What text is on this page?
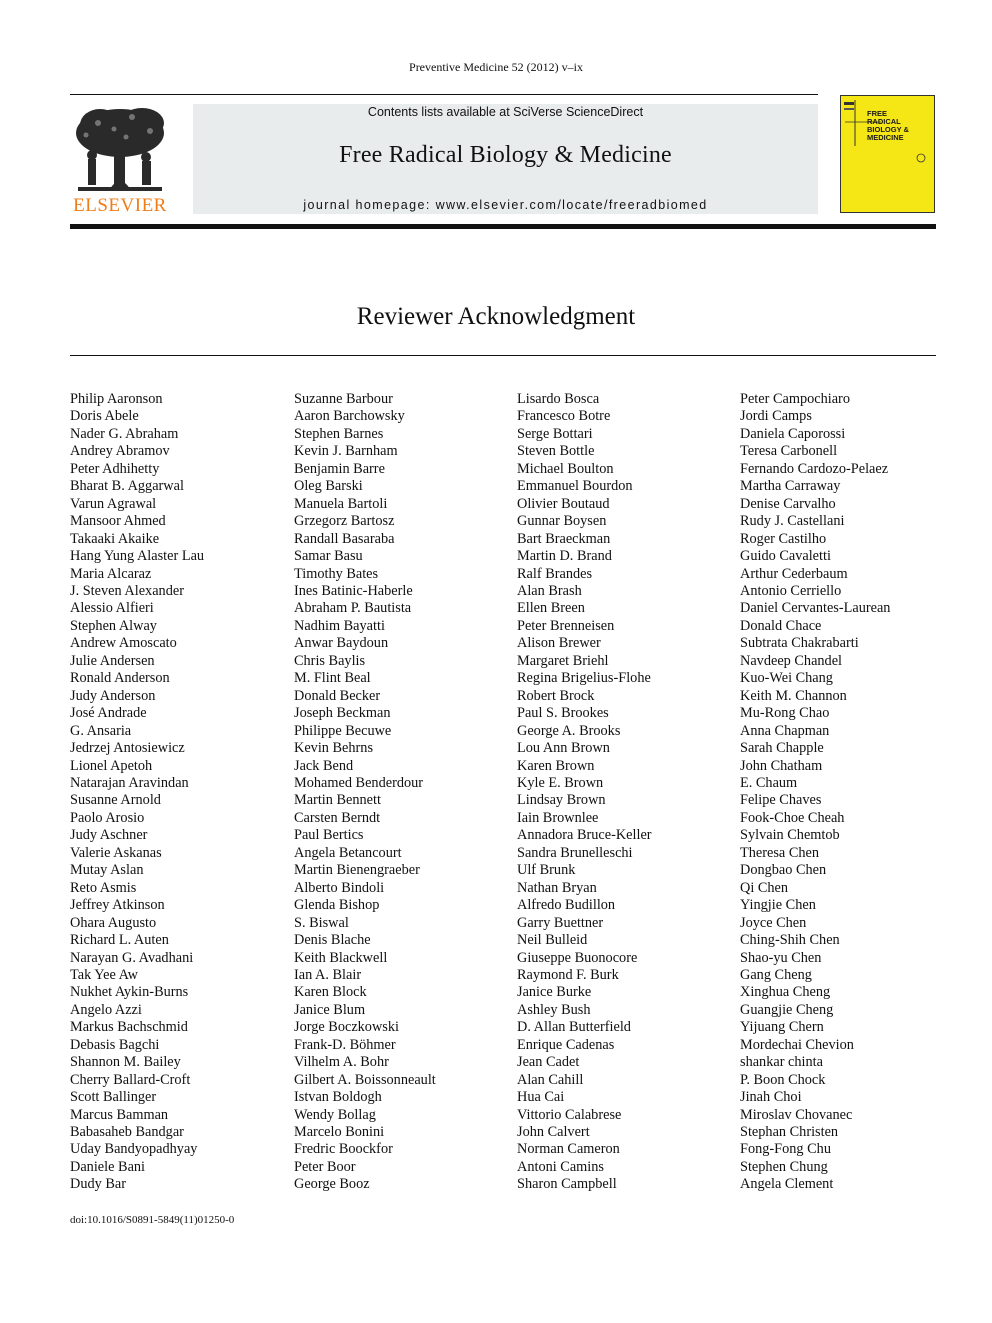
Preventive Medicine 52 (2012) v–ix
ELSEVIER
Contents lists available at SciVerse ScienceDirect
Free Radical Biology & Medicine
journal homepage: www.elsevier.com/locate/freeradbiomed
FREE
RADICAL
BIOLOGY &
MEDICINE
Reviewer Acknowledgment
Philip Aaronson
Doris Abele
Nader G. Abraham
Andrey Abramov
Peter Adhihetty
Bharat B. Aggarwal
Varun Agrawal
Mansoor Ahmed
Takaaki Akaike
Hang Yung Alaster Lau
Maria Alcaraz
J. Steven Alexander
Alessio Alfieri
Stephen Alway
Andrew Amoscato
Julie Andersen
Ronald Anderson
Judy Anderson
José Andrade
G. Ansaria
Jedrzej Antosiewicz
Lionel Apetoh
Natarajan Aravindan
Susanne Arnold
Paolo Arosio
Judy Aschner
Valerie Askanas
Mutay Aslan
Reto Asmis
Jeffrey Atkinson
Ohara Augusto
Richard L. Auten
Narayan G. Avadhani
Tak Yee Aw
Nukhet Aykin-Burns
Angelo Azzi
Markus Bachschmid
Debasis Bagchi
Shannon M. Bailey
Cherry Ballard-Croft
Scott Ballinger
Marcus Bamman
Babasaheb Bandgar
Uday Bandyopadhyay
Daniele Bani
Dudy Bar
Suzanne Barbour
Aaron Barchowsky
Stephen Barnes
Kevin J. Barnham
Benjamin Barre
Oleg Barski
Manuela Bartoli
Grzegorz Bartosz
Randall Basaraba
Samar Basu
Timothy Bates
Ines Batinic-Haberle
Abraham P. Bautista
Nadhim Bayatti
Anwar Baydoun
Chris Baylis
M. Flint Beal
Donald Becker
Joseph Beckman
Philippe Becuwe
Kevin Behrns
Jack Bend
Mohamed Benderdour
Martin Bennett
Carsten Berndt
Paul Bertics
Angela Betancourt
Martin Bienengraeber
Alberto Bindoli
Glenda Bishop
S. Biswal
Denis Blache
Keith Blackwell
Ian A. Blair
Karen Block
Janice Blum
Jorge Boczkowski
Frank-D. Böhmer
Vilhelm A. Bohr
Gilbert A. Boissonneault
Istvan Boldogh
Wendy Bollag
Marcelo Bonini
Fredric Boockfor
Peter Boor
George Booz
Lisardo Bosca
Francesco Botre
Serge Bottari
Steven Bottle
Michael Boulton
Emmanuel Bourdon
Olivier Boutaud
Gunnar Boysen
Bart Braeckman
Martin D. Brand
Ralf Brandes
Alan Brash
Ellen Breen
Peter Brenneisen
Alison Brewer
Margaret Briehl
Regina Brigelius-Flohe
Robert Brock
Paul S. Brookes
George A. Brooks
Lou Ann Brown
Karen Brown
Kyle E. Brown
Lindsay Brown
Iain Brownlee
Annadora Bruce-Keller
Sandra Brunelleschi
Ulf Brunk
Nathan Bryan
Alfredo Budillon
Garry Buettner
Neil Bulleid
Giuseppe Buonocore
Raymond F. Burk
Janice Burke
Ashley Bush
D. Allan Butterfield
Enrique Cadenas
Jean Cadet
Alan Cahill
Hua Cai
Vittorio Calabrese
John Calvert
Norman Cameron
Antoni Camins
Sharon Campbell
Peter Campochiaro
Jordi Camps
Daniela Caporossi
Teresa Carbonell
Fernando Cardozo-Pelaez
Martha Carraway
Denise Carvalho
Rudy J. Castellani
Roger Castilho
Guido Cavaletti
Arthur Cederbaum
Antonio Cerriello
Daniel Cervantes-Laurean
Donald Chace
Subtrata Chakrabarti
Navdeep Chandel
Kuo-Wei Chang
Keith M. Channon
Mu-Rong Chao
Anna Chapman
Sarah Chapple
John Chatham
E. Chaum
Felipe Chaves
Fook-Choe Cheah
Sylvain Chemtob
Theresa Chen
Dongbao Chen
Qi Chen
Yingjie Chen
Joyce Chen
Ching-Shih Chen
Shao-yu Chen
Gang Cheng
Xinghua Cheng
Guangjie Cheng
Yijuang Chern
Mordechai Chevion
shankar chinta
P. Boon Chock
Jinah Choi
Miroslav Chovanec
Stephan Christen
Fong-Fong Chu
Stephen Chung
Angela Clement
doi:10.1016/S0891-5849(11)01250-0
